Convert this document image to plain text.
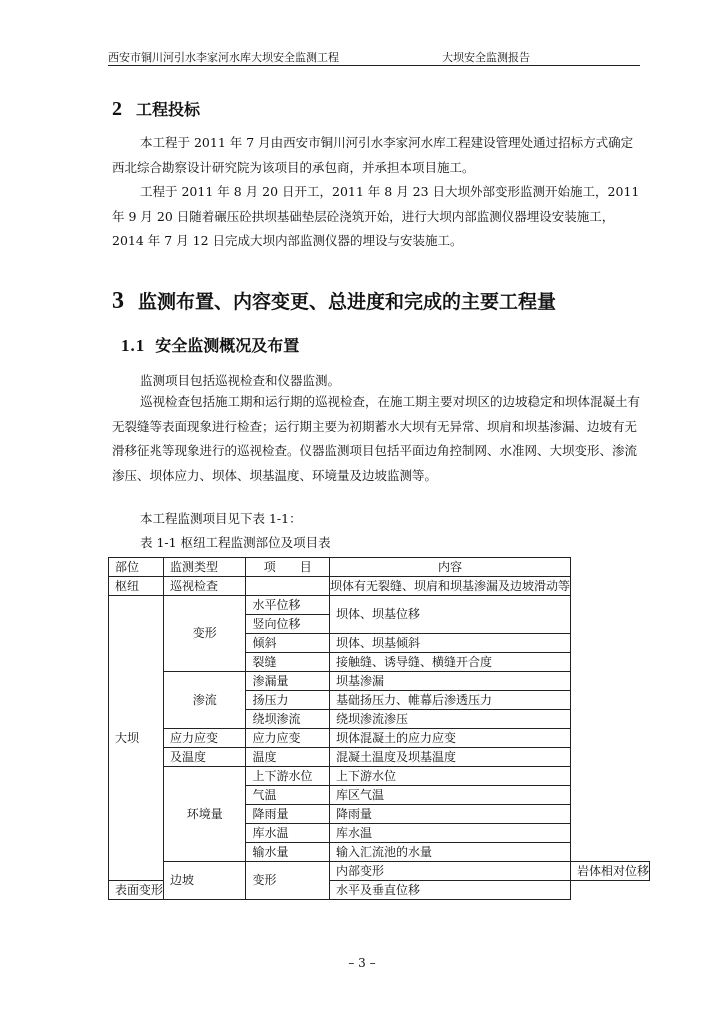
西安市铜川河引水李家河水库大坝安全监测工程	大坝安全监测报告
2 工程投标
本工程于 2011 年 7 月由西安市铜川河引水李家河水库工程建设管理处通过招标方式确定西北综合勘察设计研究院为该项目的承包商，并承担本项目施工。
工程于 2011 年 8 月 20 日开工，2011 年 8 月 23 日大坝外部变形监测开始施工，2011 年 9 月 20 日随着碾压砼拱坝基础垫层砼浇筑开始，进行大坝内部监测仪器埋设安装施工，2014 年 7 月 12 日完成大坝内部监测仪器的埋设与安装施工。
3 监测布置、内容变更、总进度和完成的主要工程量
1.1 安全监测概况及布置
监测项目包括巡视检查和仪器监测。
巡视检查包括施工期和运行期的巡视检查，在施工期主要对坝区的边坡稳定和坝体混凝土有无裂缝等表面现象进行检查；运行期主要为初期蓄水大坝有无异常、坝肩和坝基渗漏、边坡有无滑移征兆等现象进行的巡视检查。仪器监测项目包括平面边角控制网、水准网、大坝变形、渗流渗压、坝体应力、坝体、坝基温度、环境量及边坡监测等。
本工程监测项目见下表 1-1：
表 1-1 枢纽工程监测部位及项目表
部位	监测类型	项　　目	内容	
枢纽	巡视检查		坝体有无裂缝、坝肩和坝基渗漏及边坡滑动等	
大坝	变形	水平位移	坝体、坝基位移	
		竖向位移		
		倾斜	坝体、坝基倾斜	
		裂缝	接触缝、诱导缝、横缝开合度	
	渗流	渗漏量	坝基渗漏	
		扬压力	基础扬压力、帷幕后渗透压力	
		绕坝渗流	绕坝渗流渗压	
	应力应变	应力应变	坝体混凝土的应力应变	
	及温度	温度	混凝土温度及坝基温度	
	环境量	上下游水位	上下游水位	
		气温	库区气温	
		降雨量	降雨量	
		库水温	库水温	
		输水量	输入汇流池的水量	
	边坡	变形	内部变形	岩体相对位移
表面变形			水平及垂直位移	
– 3 –
